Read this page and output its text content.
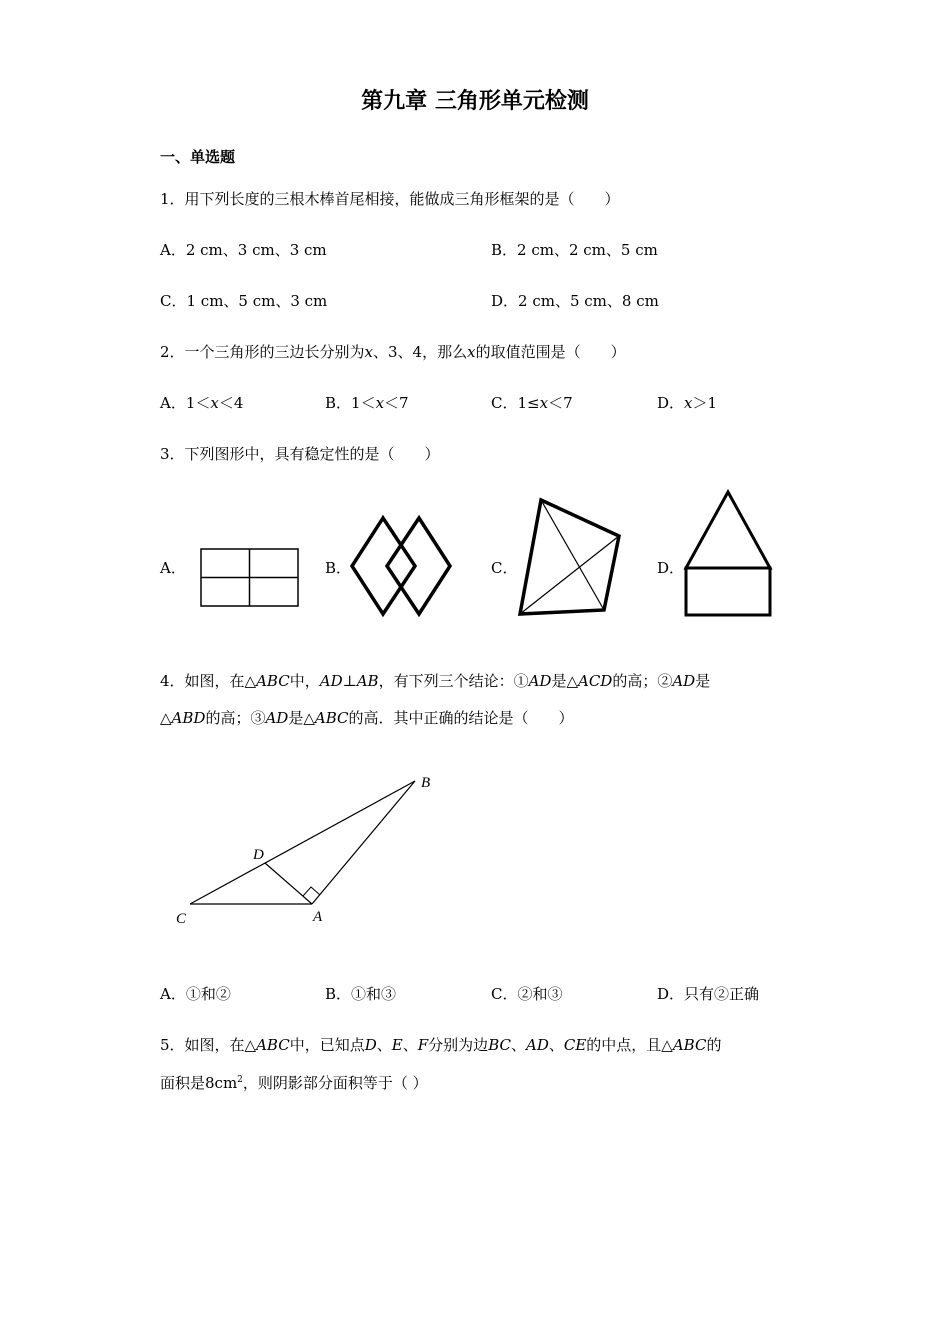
第九章 三角形单元检测
一、单选题
1．用下列长度的三根木棒首尾相接，能做成三角形框架的是（　　）
A．2 cm、3 cm、3 cm	B．2 cm、2 cm、5 cm
C．1 cm、5 cm、3 cm	D．2 cm、5 cm、8 cm
2．一个三角形的三边长分别为x、3、4，那么x的取值范围是（　　）
A．1＜x＜4	B．1＜x＜7	C．1≤x＜7	D．x＞1
3．下列图形中，具有稳定性的是（　　）
A．	B．	C．	D．
4．如图，在△ABC中，AD⊥AB，有下列三个结论：①AD是△ACD的高；②AD是
△ABD的高；③AD是△ABC的高．其中正确的结论是（　　）
B
D
C	A
A．①和②	B．①和③	C．②和③	D．只有②正确
5．如图，在△ABC中，已知点D、E、F分别为边BC、AD、CE的中点，且△ABC的
面积是$8cm^2$，则阴影部分面积等于（ ）
